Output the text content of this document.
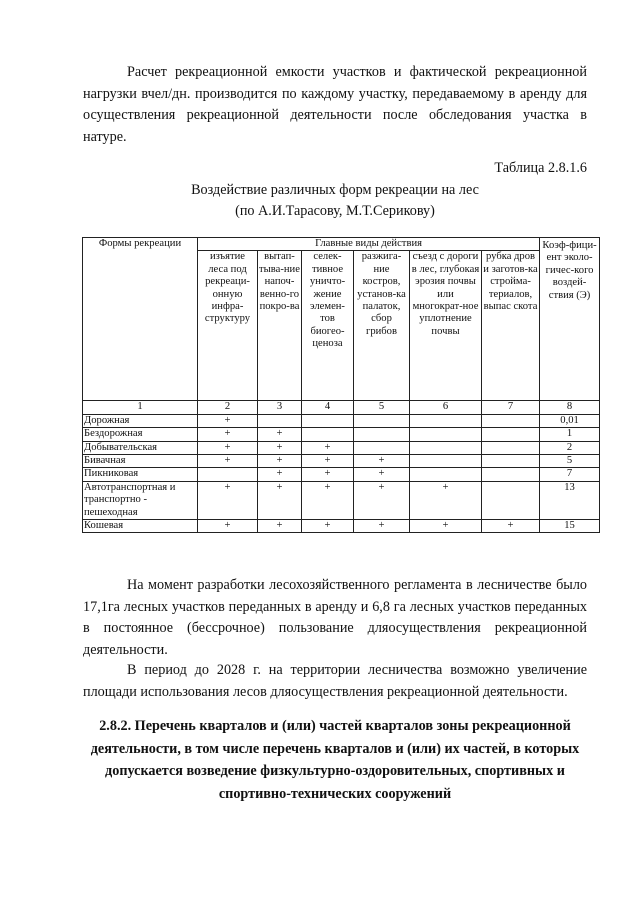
Расчет рекреационной емкости участков и фактической рекреационной нагрузки вчел/дн. производится по каждому участку, передаваемому в аренду для осуществления рекреационной деятельности после обследования участка в натуре.

Таблица 2.8.1.6

Воздействие различных форм рекреации на лес
(по А.И.Тарасову, М.Т.Серикову)
Формы рекреации	Главные виды действия						Коэф-фици-ент эколо-гичес-кого воздей-ствия (Э)
	изъятие леса под рекреаци-онную инфра-структуру	вытап-тыва-ние напоч-венно-го покро-ва	селек-тивное уничто-жение элемен-тов биогео-ценоза	разжига-ние костров, установ-ка палаток, сбор грибов	съезд с дороги в лес, глубокая эрозия почвы или многократ-ное уплотнение почвы	рубка дров и заготов-ка строймa-териалов, выпас скота	
1	2	3	4	5	6	7	8
Дорожная	+						0,01
Бездорожная	+	+					1
Добывательская	+	+	+				2
Бивачная	+	+	+	+			5
Пикниковая		+	+	+			7
Автотранспортная и транспортно - пешеходная	+	+	+	+	+		13
Кошевая	+	+	+	+	+	+	15

На момент разработки лесохозяйственного регламента в лесничестве было 17,1га лесных участков переданных в аренду и 6,8 га лесных участков переданных в постоянное (бессрочное) пользование дляосуществления рекреационной деятельности.

В период до 2028 г. на территории лесничества возможно увеличение площади использования лесов дляосуществления рекреационной деятельности.

2.8.2. Перечень кварталов и (или) частей кварталов зоны рекреационной деятельности, в том числе перечень кварталов и (или) их частей, в которых допускается возведение физкультурно-оздоровительных, спортивных и спортивно-технических сооружений
